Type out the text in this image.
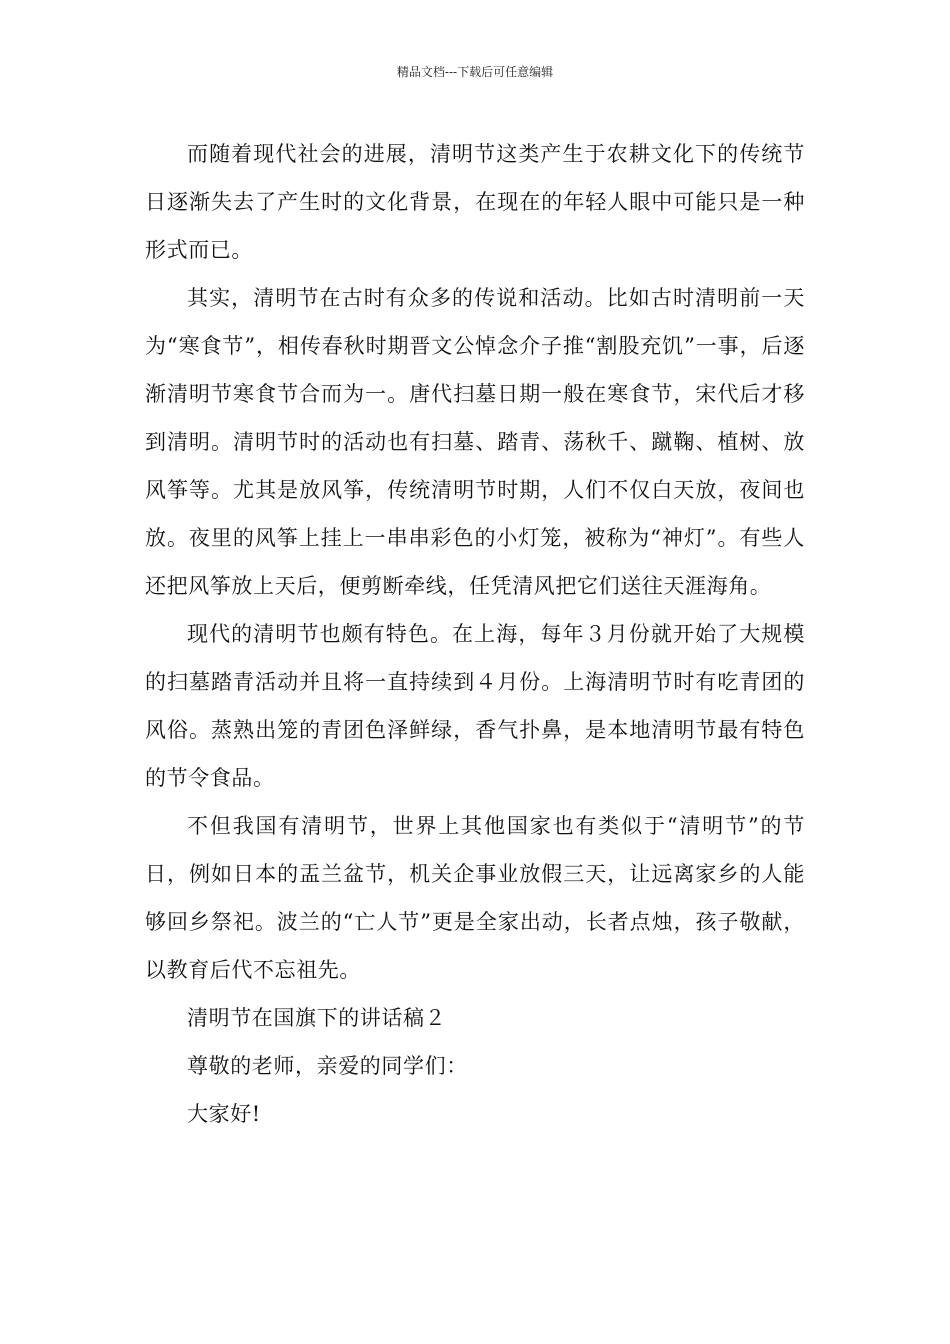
精品文档---下载后可任意编辑

而随着现代社会的进展，清明节这类产生于农耕文化下的传统节日逐渐失去了产生时的文化背景，在现在的年轻人眼中可能只是一种形式而已。

其实，清明节在古时有众多的传说和活动。比如古时清明前一天为“寒食节”，相传春秋时期晋文公悼念介子推“割股充饥”一事，后逐渐清明节寒食节合而为一。唐代扫墓日期一般在寒食节，宋代后才移到清明。清明节时的活动也有扫墓、踏青、荡秋千、蹴鞠、植树、放风筝等。尤其是放风筝，传统清明节时期，人们不仅白天放，夜间也放。夜里的风筝上挂上一串串彩色的小灯笼，被称为“神灯”。有些人还把风筝放上天后，便剪断牵线，任凭清风把它们送往天涯海角。

现代的清明节也颇有特色。在上海，每年３月份就开始了大规模的扫墓踏青活动并且将一直持续到４月份。上海清明节时有吃青团的风俗。蒸熟出笼的青团色泽鲜绿，香气扑鼻，是本地清明节最有特色的节令食品。

不但我国有清明节，世界上其他国家也有类似于“清明节”的节日，例如日本的盂兰盆节，机关企事业放假三天，让远离家乡的人能够回乡祭祀。波兰的“亡人节”更是全家出动，长者点烛，孩子敬献，以教育后代不忘祖先。

清明节在国旗下的讲话稿２

尊敬的老师，亲爱的同学们：

大家好!
